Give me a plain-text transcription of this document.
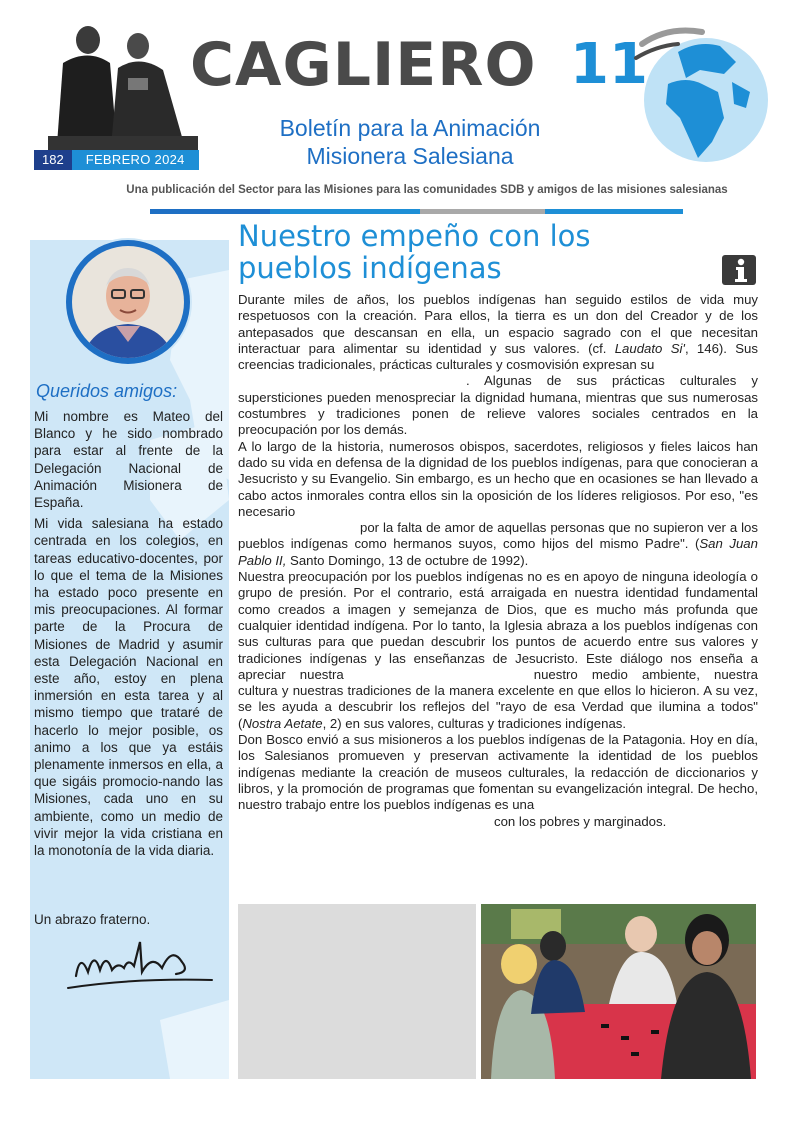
182	FEBRERO 2024
CAGLIERO 11
Boletín para la Animación
Misionera Salesiana
Una publicación del Sector para las Misiones para las comunidades SDB y amigos de las misiones salesianas
Queridos amigos:

Mi nombre es Mateo del Blanco y he sido nombrado para estar al frente de la Delegación Nacional de Animación Misionera de España.

Mi vida salesiana ha estado centrada en los colegios, en tareas educativo-docentes, por lo que el tema de la Misiones ha estado poco presente en mis preocupaciones. Al formar parte de la Procura de Misiones de Madrid y asumir esta Delegación Nacional en este año, estoy en plena inmersión en esta tarea y al mismo tiempo que trataré de hacerlo lo mejor posible, os animo a los que ya estáis plenamente inmersos en ella, a que sigáis promocio-nando las Misiones, cada uno en su ambiente, como un medio de vivir mejor la vida cristiana en la monotonía de la vida diaria.

Un abrazo fraterno.
Nuestro empeño con los
pueblos indígenas

Durante miles de años, los pueblos indígenas han seguido estilos de vida muy respetuosos con la creación. Para ellos, la tierra es un don del Creador y de los antepasados que descansan en ella, un espacio sagrado con el que necesitan interactuar para alimentar su identidad y sus valores. (cf. Laudato Si', 146). Sus creencias tradicionales, prácticas culturales y cosmovisión expresan su
. Algunas de sus prácticas culturales y supersticiones pueden menospreciar la dignidad humana, mientras que sus numerosas costumbres y tradiciones ponen de relieve valores sociales centrados en la preocupación por los demás.

A lo largo de la historia, numerosos obispos, sacerdotes, religiosos y fieles laicos han dado su vida en defensa de la dignidad de los pueblos indígenas, para que conocieran a Jesucristo y su Evangelio. Sin embargo, es un hecho que en ocasiones se han llevado a cabo actos inmorales contra ellos sin la oposición de los líderes religiosos. Por eso, "es necesario
por la falta de amor de aquellas personas que no supieron ver a los pueblos indígenas como hermanos suyos, como hijos del mismo Padre". (San Juan Pablo II, Santo Domingo, 13 de octubre de 1992).

Nuestra preocupación por los pueblos indígenas no es en apoyo de ninguna ideología o grupo de presión. Por el contrario, está arraigada en nuestra identidad fundamental como creados a imagen y semejanza de Dios, que es mucho más profunda que cualquier identidad indígena. Por lo tanto, la Iglesia abraza a los pueblos indígenas con sus culturas para que puedan descubrir los puntos de acuerdo entre sus valores y tradiciones indígenas y las enseñanzas de Jesucristo. Este diálogo nos enseña a apreciar nuestra	nuestro medio ambiente, nuestra cultura y nuestras tradiciones de la manera excelente en que ellos lo hicieron. A su vez, se les ayuda a descubrir los reflejos del "rayo de esa Verdad que ilumina a todos" (Nostra Aetate, 2) en sus valores, culturas y tradiciones indígenas.

Don Bosco envió a sus misioneros a los pueblos indígenas de la Patagonia. Hoy en día, los Salesianos promueven y preservan activamente la identidad de los pueblos indígenas mediante la creación de museos culturales, la redacción de diccionarios y libros, y la promoción de programas que fomentan su evangelización integral. De hecho, nuestro trabajo entre los pueblos indígenas es una
con los pobres y marginados.
